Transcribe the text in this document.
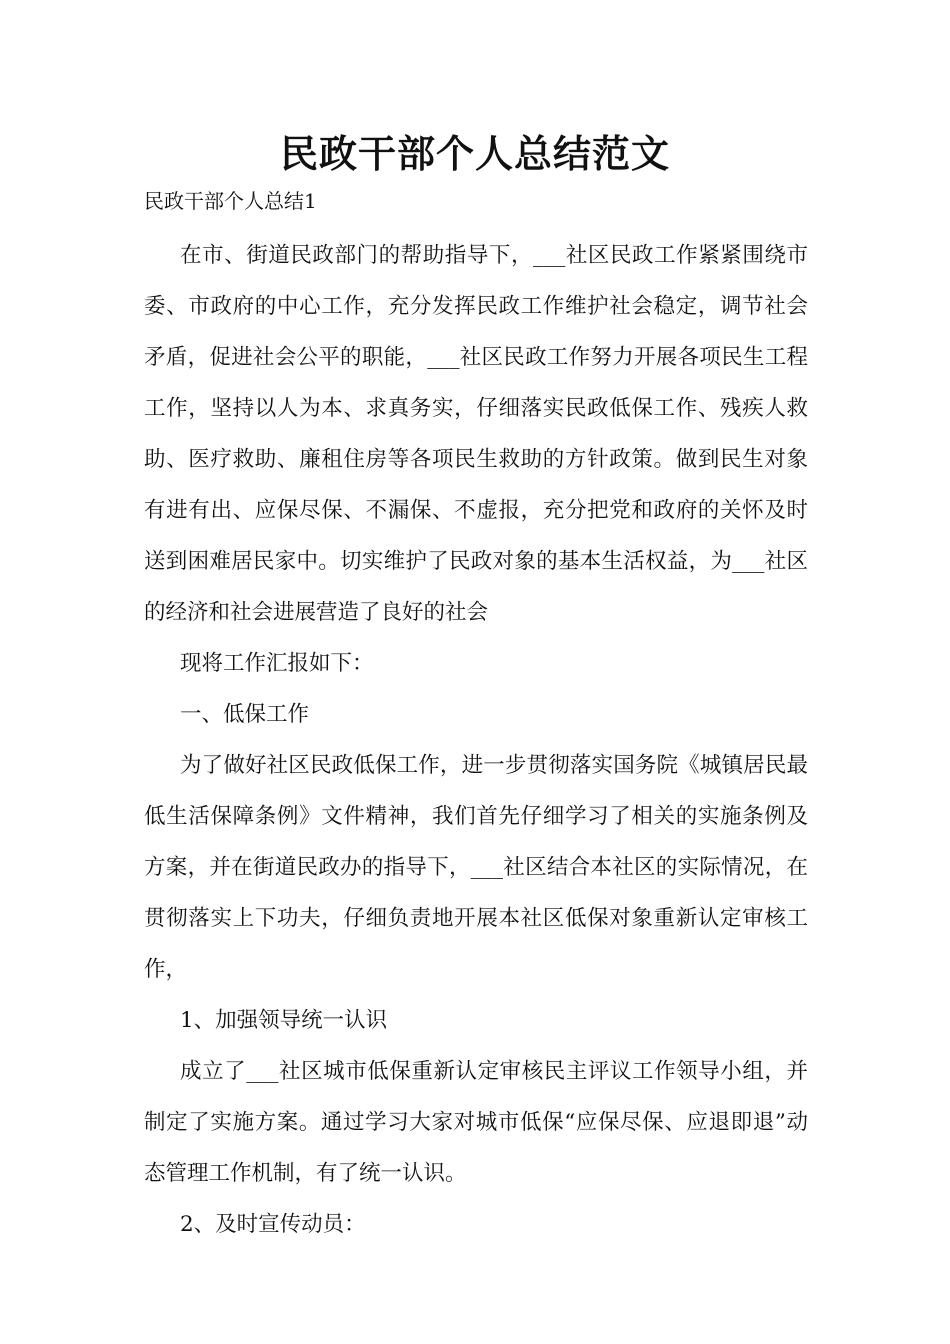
民政干部个人总结范文

民政干部个人总结1

在市、街道民政部门的帮助指导下，___社区民政工作紧紧围绕市委、市政府的中心工作，充分发挥民政工作维护社会稳定，调节社会矛盾，促进社会公平的职能，___社区民政工作努力开展各项民生工程工作，坚持以人为本、求真务实，仔细落实民政低保工作、残疾人救助、医疗救助、廉租住房等各项民生救助的方针政策。做到民生对象有进有出、应保尽保、不漏保、不虚报，充分把党和政府的关怀及时送到困难居民家中。切实维护了民政对象的基本生活权益，为___社区的经济和社会进展营造了良好的社会

现将工作汇报如下：

一、低保工作

为了做好社区民政低保工作，进一步贯彻落实国务院《城镇居民最低生活保障条例》文件精神，我们首先仔细学习了相关的实施条例及方案，并在街道民政办的指导下，___社区结合本社区的实际情况，在贯彻落实上下功夫，仔细负责地开展本社区低保对象重新认定审核工作，

1、加强领导统一认识

成立了___社区城市低保重新认定审核民主评议工作领导小组，并制定了实施方案。通过学习大家对城市低保“应保尽保、应退即退”动态管理工作机制，有了统一认识。

2、及时宣传动员：
